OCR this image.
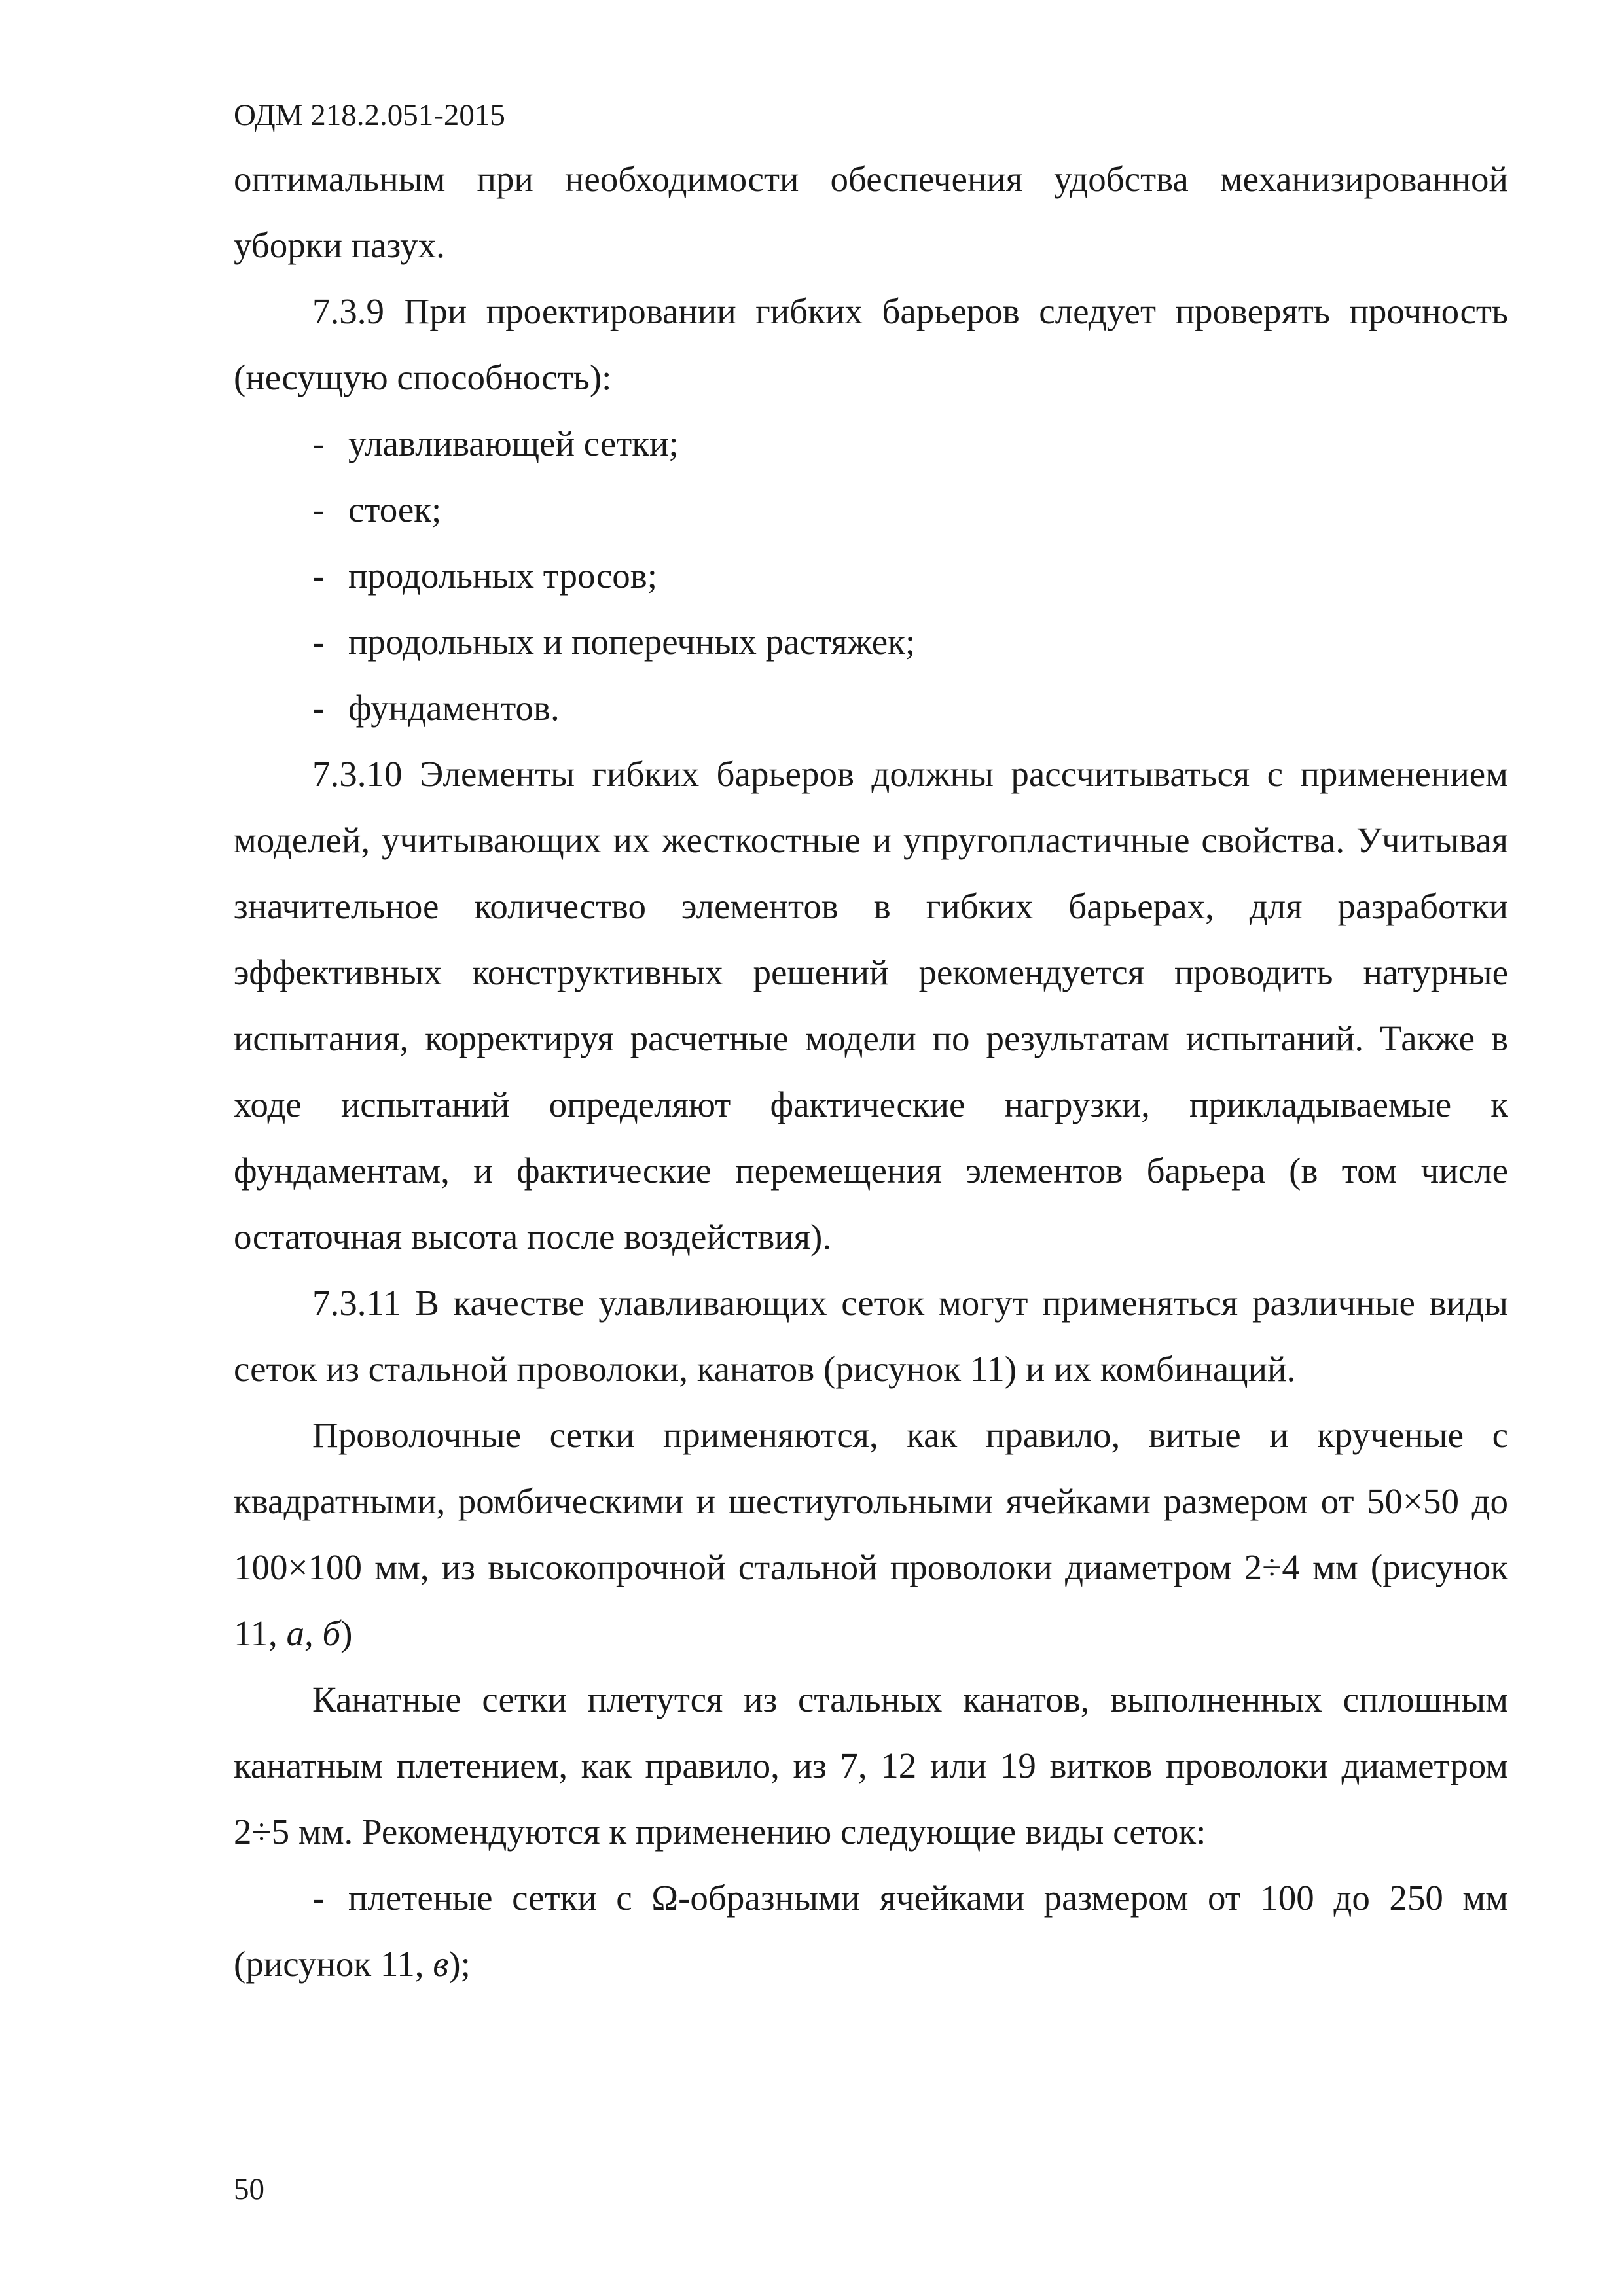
ОДМ 218.2.051-2015

оптимальным при необходимости обеспечения удобства механизированной уборки пазух.

7.3.9 При проектировании гибких барьеров следует проверять прочность (несущую способность):

- улавливающей сетки;
- стоек;
- продольных тросов;
- продольных и поперечных растяжек;
- фундаментов.

7.3.10 Элементы гибких барьеров должны рассчитываться с применением моделей, учитывающих их жесткостные и упругопластичные свойства. Учитывая значительное количество элементов в гибких барьерах, для разработки эффективных конструктивных решений рекомендуется проводить натурные испытания, корректируя расчетные модели по результатам испытаний. Также в ходе испытаний определяют фактические нагрузки, прикладываемые к фундаментам, и фактические перемещения элементов барьера (в том числе остаточная высота после воздействия).

7.3.11 В качестве улавливающих сеток могут применяться различные виды сеток из стальной проволоки, канатов (рисунок 11) и их комбинаций.

Проволочные сетки применяются, как правило, витые и крученые с квадратными, ромбическими и шестиугольными ячейками размером от 50×50 до 100×100 мм, из высокопрочной стальной проволоки диаметром 2÷4 мм (рисунок 11, а, б)

Канатные сетки плетутся из стальных канатов, выполненных сплошным канатным плетением, как правило, из 7, 12 или 19 витков проволоки диаметром 2÷5 мм. Рекомендуются к применению следующие виды сеток:

- плетеные сетки с Ω-образными ячейками размером от 100 до 250 мм (рисунок 11, в);
50
